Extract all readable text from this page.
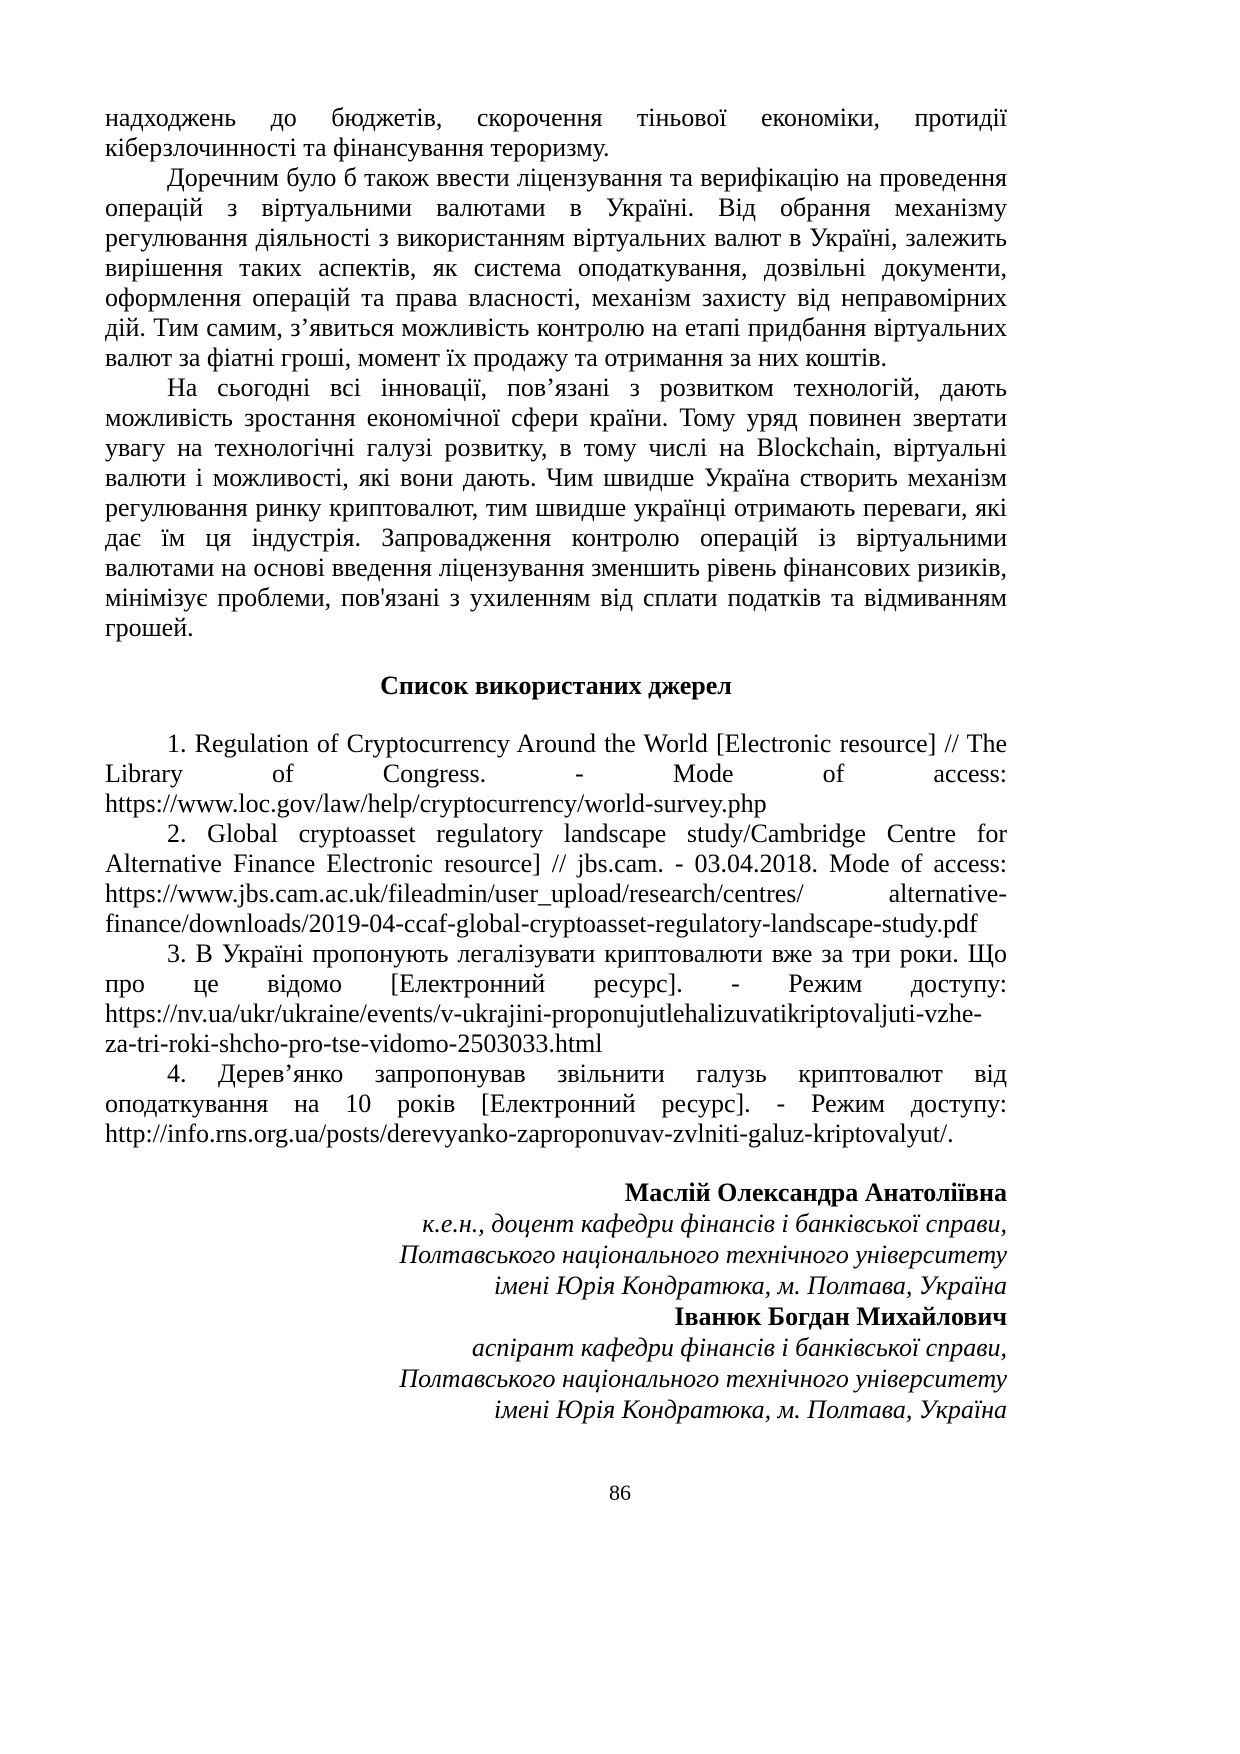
надходжень до бюджетів, скорочення тіньової економіки, протидії кіберзлочинності та фінансування тероризму.

Доречним було б також ввести ліцензування та верифікацію на проведення операцій з віртуальними валютами в Україні. Від обрання механізму регулювання діяльності з використанням віртуальних валют в Україні, залежить вирішення таких аспектів, як система оподаткування, дозвільні документи, оформлення операцій та права власності, механізм захисту від неправомірних дій. Тим самим, з’явиться можливість контролю на етапі придбання віртуальних валют за фіатні гроші, момент їх продажу та отримання за них коштів.

На сьогодні всі інновації, пов’язані з розвитком технологій, дають можливість зростання економічної сфери країни. Тому уряд повинен звертати увагу на технологічні галузі розвитку, в тому числі на Blockchain, віртуальні валюти і можливості, які вони дають. Чим швидше Україна створить механізм регулювання ринку криптовалют, тим швидше українці отримають переваги, які дає їм ця індустрія. Запровадження контролю операцій із віртуальними валютами на основі введення ліцензування зменшить рівень фінансових ризиків, мінімізує проблеми, пов'язані з ухиленням від сплати податків та відмиванням грошей.

Список використаних джерел

1. Regulation of Cryptocurrency Around the World [Electronic resource] // The Library of Congress. - Mode of access: https://www.loc.gov/law/help/cryptocurrency/world-survey.php

2. Global cryptoasset regulatory landscape study/Cambridge Centre for Alternative Finance Electronic resource] // jbs.cam. - 03.04.2018. Mode of access: https://www.jbs.cam.ac.uk/fileadmin/user_upload/research/centres/ alternative-finance/downloads/2019-04-ccaf-global-cryptoasset-regulatory-landscape-study.pdf

3. В Україні пропонують легалізувати криптовалюти вже за три роки. Що про це відомо [Електронний ресурс]. - Режим доступу: https://nv.ua/ukr/ukraine/events/v-ukrajini-proponujutlehalizuvatikriptovaljuti-vzhe-za-tri-roki-shcho-pro-tse-vidomo-2503033.html

4. Дерев’янко запропонував звільнити галузь криптовалют від оподаткування на 10 років [Електронний ресурс]. - Режим доступу: http://info.rns.org.ua/posts/derevyanko-zaproponuvav-zvlniti-galuz-kriptovalyut/.

Маслій Олександра Анатоліївна
к.е.н., доцент кафедри фінансів і банківської справи,
Полтавського національного технічного університету
імені Юрія Кондратюка, м. Полтава, Україна
Іванюк Богдан Михайлович
аспірант кафедри фінансів і банківської справи,
Полтавського національного технічного університету
імені Юрія Кондратюка, м. Полтава, Україна
86
